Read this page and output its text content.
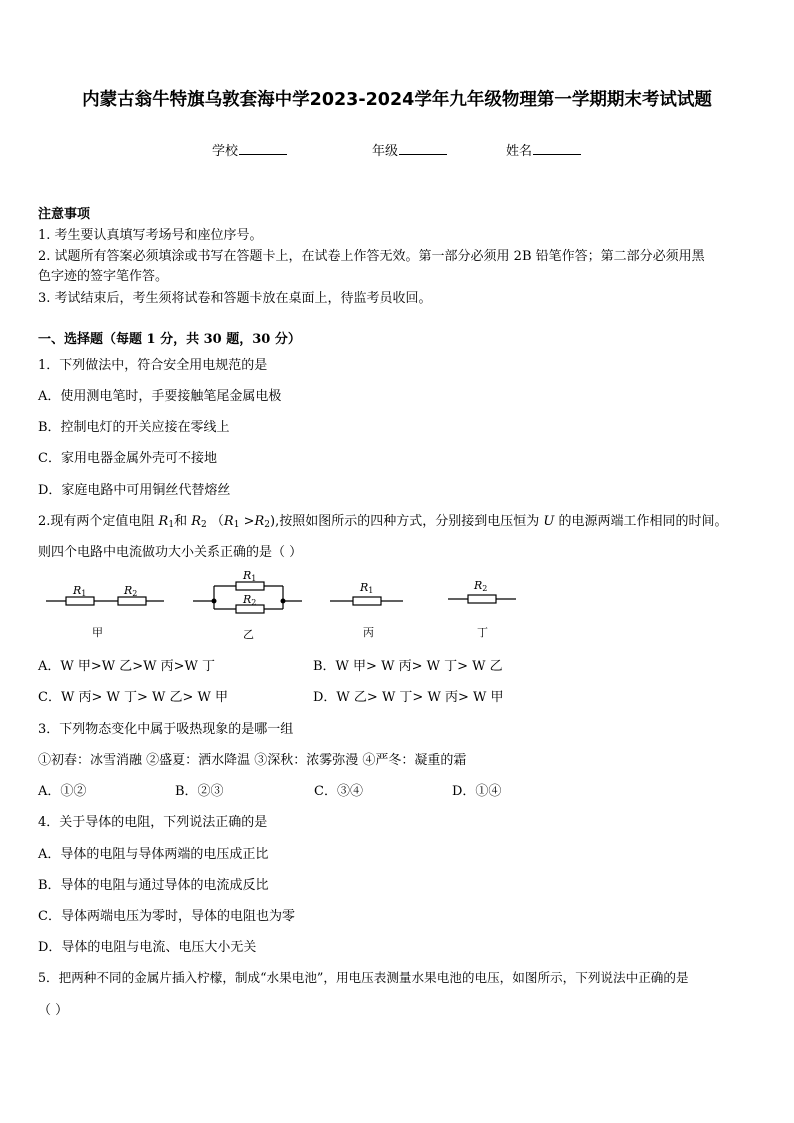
内蒙古翁牛特旗乌敦套海中学2023-2024学年九年级物理第一学期期末考试试题
学校	年级	姓名
注意事项
1. 考生要认真填写考场号和座位序号。
2. 试题所有答案必须填涂或书写在答题卡上，在试卷上作答无效。第一部分必须用 2B 铅笔作答；第二部分必须用黑
色字迹的签字笔作答。
3. 考试结束后，考生须将试卷和答题卡放在桌面上，待监考员收回。
一、选择题（每题 1 分，共 30 题，30 分）
1．下列做法中，符合安全用电规范的是
A．使用测电笔时，手要接触笔尾金属电极
B．控制电灯的开关应接在零线上
C．家用电器金属外壳可不接地
D．家庭电路中可用铜丝代替熔丝
2.现有两个定值电阻 $R_1$和 $R_2$ $(R_1 >R_2)$,按照如图所示的四种方式，分别接到电压恒为 U 的电源两端工作相同的时间。
则四个电路中电流做功大小关系正确的是（ ）
R1	R2
R1
R2
R1	R2
甲	乙	丙	丁
A．W 甲>W 乙>W 丙>W 丁	B．W 甲> W 丙> W 丁> W 乙
C．W 丙> W 丁> W 乙> W 甲	D．W 乙> W 丁> W 丙> W 甲
3．下列物态变化中属于吸热现象的是哪一组
①初春：冰雪消融 ②盛夏：洒水降温 ③深秋：浓雾弥漫 ④严冬：凝重的霜
A．①②	B．②③	C．③④	D．①④
4．关于导体的电阻，下列说法正确的是
A．导体的电阻与导体两端的电压成正比
B．导体的电阻与通过导体的电流成反比
C．导体两端电压为零时，导体的电阻也为零
D．导体的电阻与电流、电压大小无关
5．把两种不同的金属片插入柠檬，制成“水果电池”，用电压表测量水果电池的电压，如图所示，下列说法中正确的是
（ ）
